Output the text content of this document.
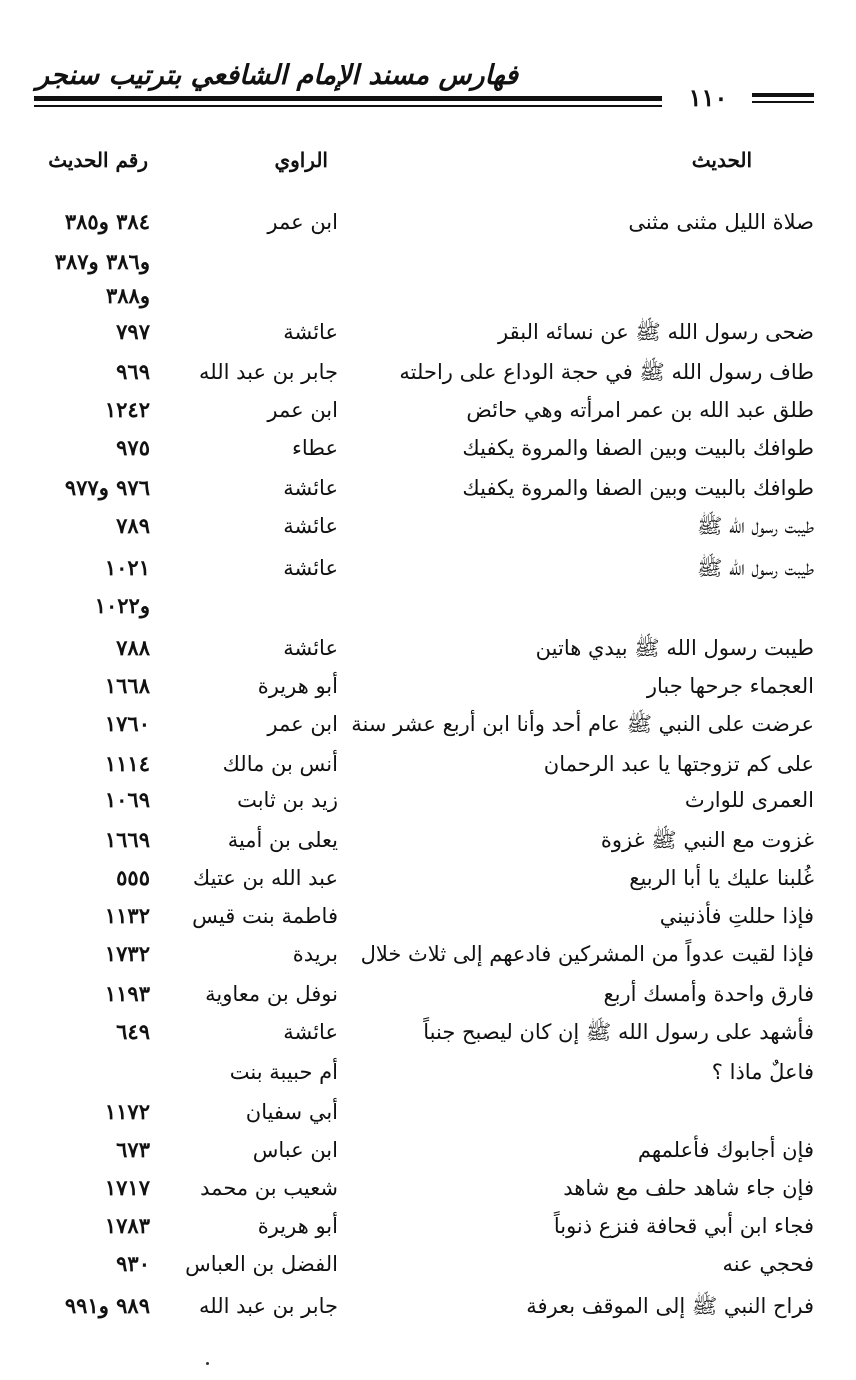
فهارس مسند الإمام الشافعي بترتيب سنجر
١١٠
الحديث
الراوي
رقم الحديث
صلاة الليل مثنى مثنى
ابن عمر
٣٨٤ و٣٨٥
و٣٨٦ و٣٨٧
و٣٨٨
ضحى رسول الله ﷺ عن نسائه البقر
عائشة
٧٩٧
طاف رسول الله ﷺ في حجة الوداع على راحلته
جابر بن عبد الله
٩٦٩
طلق عبد الله بن عمر امرأته وهي حائض
ابن عمر
١٢٤٢
طوافك بالبيت وبين الصفا والمروة يكفيك
عطاء
٩٧٥
طوافك بالبيت وبين الصفا والمروة يكفيك
عائشة
٩٧٦ و٩٧٧
طيبت رسول الله ﷺ
عائشة
٧٨٩
طيبت رسول الله ﷺ
عائشة
١٠٢١
و١٠٢٢
طيبت رسول الله ﷺ بيدي هاتين
عائشة
٧٨٨
العجماء جرحها جبار
أبو هريرة
١٦٦٨
عرضت على النبي ﷺ عام أحد وأنا ابن أربع عشر سنة
ابن عمر
١٧٦٠
على كم تزوجتها يا عبد الرحمان
أنس بن مالك
١١١٤
العمرى للوارث
زيد بن ثابت
١٠٦٩
غزوت مع النبي ﷺ غزوة
يعلى بن أمية
١٦٦٩
غُلبنا عليك يا أبا الربيع
عبد الله بن عتيك
٥٥٥
فإذا حللتِ فأذنيني
فاطمة بنت قيس
١١٣٢
فإذا لقيت عدواً من المشركين فادعهم إلى ثلاث خلال
بريدة
١٧٣٢
فارق واحدة وأمسك أربع
نوفل بن معاوية
١١٩٣
فأشهد على رسول الله ﷺ إن كان ليصبح جنباً
عائشة
٦٤٩
فاعلٌ ماذا ؟
أم حبيبة بنت
أبي سفيان
١١٧٢
فإن أجابوك فأعلمهم
ابن عباس
٦٧٣
فإن جاء شاهد حلف مع شاهد
شعيب بن محمد
١٧١٧
فجاء ابن أبي قحافة فنزع ذنوباً
أبو هريرة
١٧٨٣
فحجي عنه
الفضل بن العباس
٩٣٠
فراح النبي ﷺ إلى الموقف بعرفة
جابر بن عبد الله
٩٨٩ و٩٩١
